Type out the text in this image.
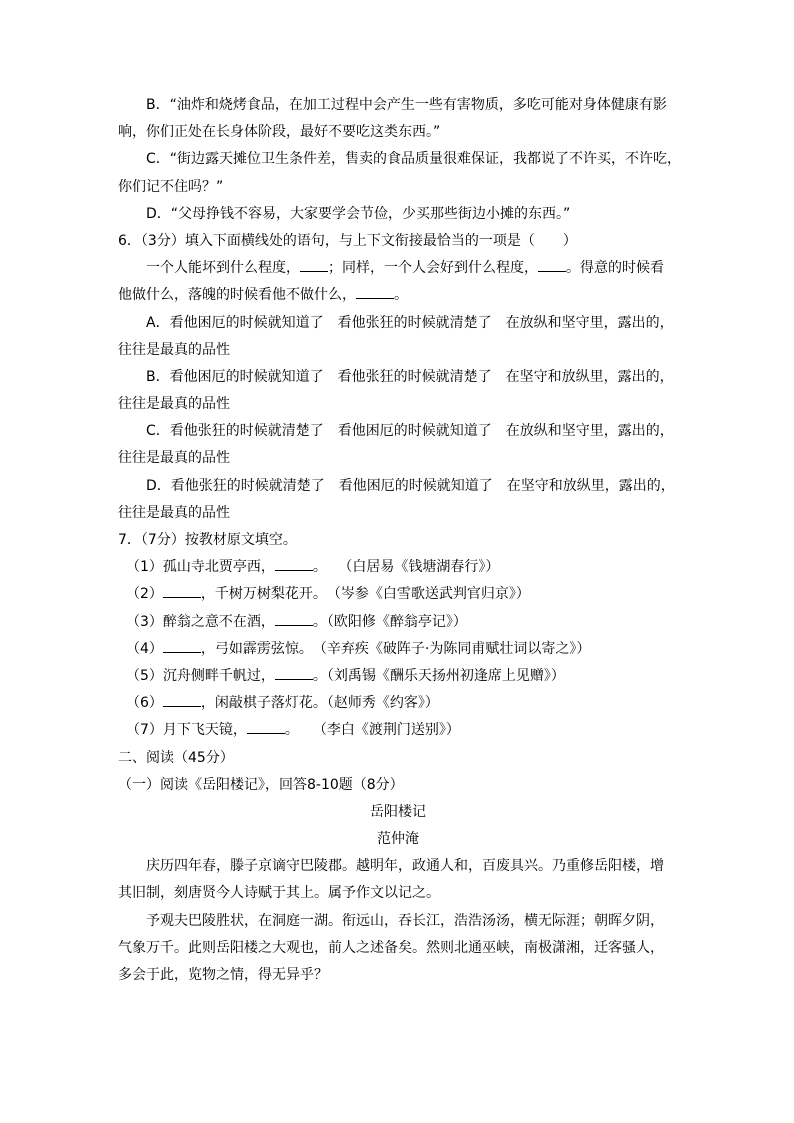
B．“油炸和烧烤食品，在加工过程中会产生一些有害物质，多吃可能对身体健康有影
响，你们正处在长身体阶段，最好不要吃这类东西。”
C．“街边露天摊位卫生条件差，售卖的食品质量很难保证，我都说了不许买，不许吃，
你们记不住吗？”
D．“父母挣钱不容易，大家要学会节俭，少买那些街边小摊的东西。”
6．（3分）填入下面横线处的语句，与上下文衔接最恰当的一项是（　　）
一个人能坏到什么程度， ；同样，一个人会好到什么程度， 。得意的时候看
他做什么，落魄的时候看他不做什么，	。
A．看他困厄的时候就知道了　看他张狂的时候就清楚了　在放纵和坚守里，露出的，
往往是最真的品性
B．看他困厄的时候就知道了　看他张狂的时候就清楚了　在坚守和放纵里，露出的，
往往是最真的品性
C．看他张狂的时候就清楚了　看他困厄的时候就知道了　在放纵和坚守里，露出的，
往往是最真的品性
D．看他张狂的时候就清楚了　看他困厄的时候就知道了　在坚守和放纵里，露出的，
往往是最真的品性
7．（7分）按教材原文填空。
（1）孤山寺北贾亭西，	。　 （白居易《钱塘湖春行》）
（2）	，千树万树梨花开。　（岑参《白雪歌送武判官归京》）
（3）醉翁之意不在酒，	。（欧阳修《醉翁亭记》）
（4）	，弓如霹雳弦惊。　（辛弃疾《破阵子·为陈同甫赋壮词以寄之》）
（5）沉舟侧畔千帆过，	。（刘禹锡《酬乐天扬州初逢席上见赠》）
（6）	，闲敲棋子落灯花。（赵师秀《约客》）
（7）月下飞天镜，	。　　（李白《渡荆门送别》）
二、阅读（45分）
（一）阅读《岳阳楼记》，回答8-10题（8分）
岳阳楼记
范仲淹
庆历四年春，滕子京谪守巴陵郡。越明年，政通人和，百废具兴。乃重修岳阳楼，增
其旧制，刻唐贤今人诗赋于其上。属予作文以记之。
予观夫巴陵胜状，在洞庭一湖。衔远山，吞长江，浩浩汤汤，横无际涯；朝晖夕阴，
气象万千。此则岳阳楼之大观也，前人之述备矣。然则北通巫峡，南极潇湘，迁客骚人，
多会于此，览物之情，得无异乎？
